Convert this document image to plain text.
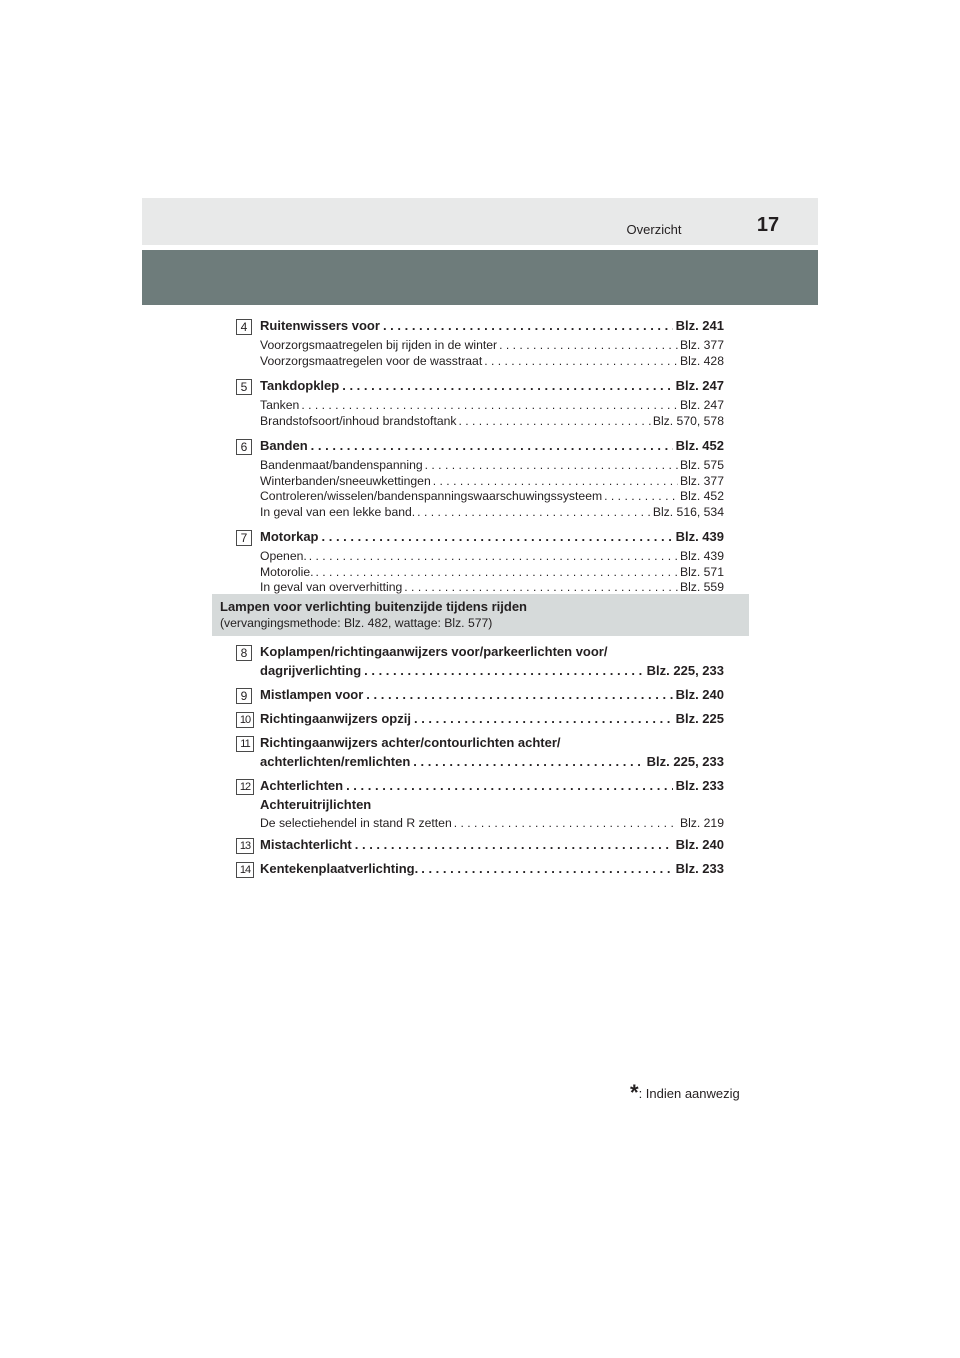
Overzicht	17
4 Ruitenwissers voor . . .	Blz. 241
Voorzorgsmaatregelen bij rijden in de winter . . .	Blz. 377
Voorzorgsmaatregelen voor de wasstraat . . .	Blz. 428
5 Tankdopklep . . .	Blz. 247
Tanken . . .	Blz. 247
Brandstofsoort/inhoud brandstoftank . . .	Blz. 570, 578
6 Banden . . .	Blz. 452
Bandenmaat/bandenspanning . . .	Blz. 575
Winterbanden/sneeuwkettingen . . .	Blz. 377
Controleren/wisselen/bandenspanningswaarschuwingssysteem . . .	Blz. 452
In geval van een lekke band. . . .	Blz. 516, 534
7 Motorkap . . .	Blz. 439
Openen. . . .	Blz. 439
Motorolie. . . .	Blz. 571
In geval van oververhitting . . .	Blz. 559
Lampen voor verlichting buitenzijde tijdens rijden
(vervangingsmethode: Blz. 482, wattage: Blz. 577)
8 Koplampen/richtingaanwijzers voor/parkeerlichten voor/
dagrijverlichting . . .	Blz. 225, 233
9 Mistlampen voor . . .	Blz. 240
10 Richtingaanwijzers opzij . . .	Blz. 225
11 Richtingaanwijzers achter/contourlichten achter/
achterlichten/remlichten . . .	Blz. 225, 233
12 Achterlichten . . .	Blz. 233
Achteruitrijlichten
De selectiehendel in stand R zetten . . .	Blz. 219
13 Mistachterlicht . . .	Blz. 240
14 Kentekenplaatverlichting. . . .	Blz. 233
*: Indien aanwezig
